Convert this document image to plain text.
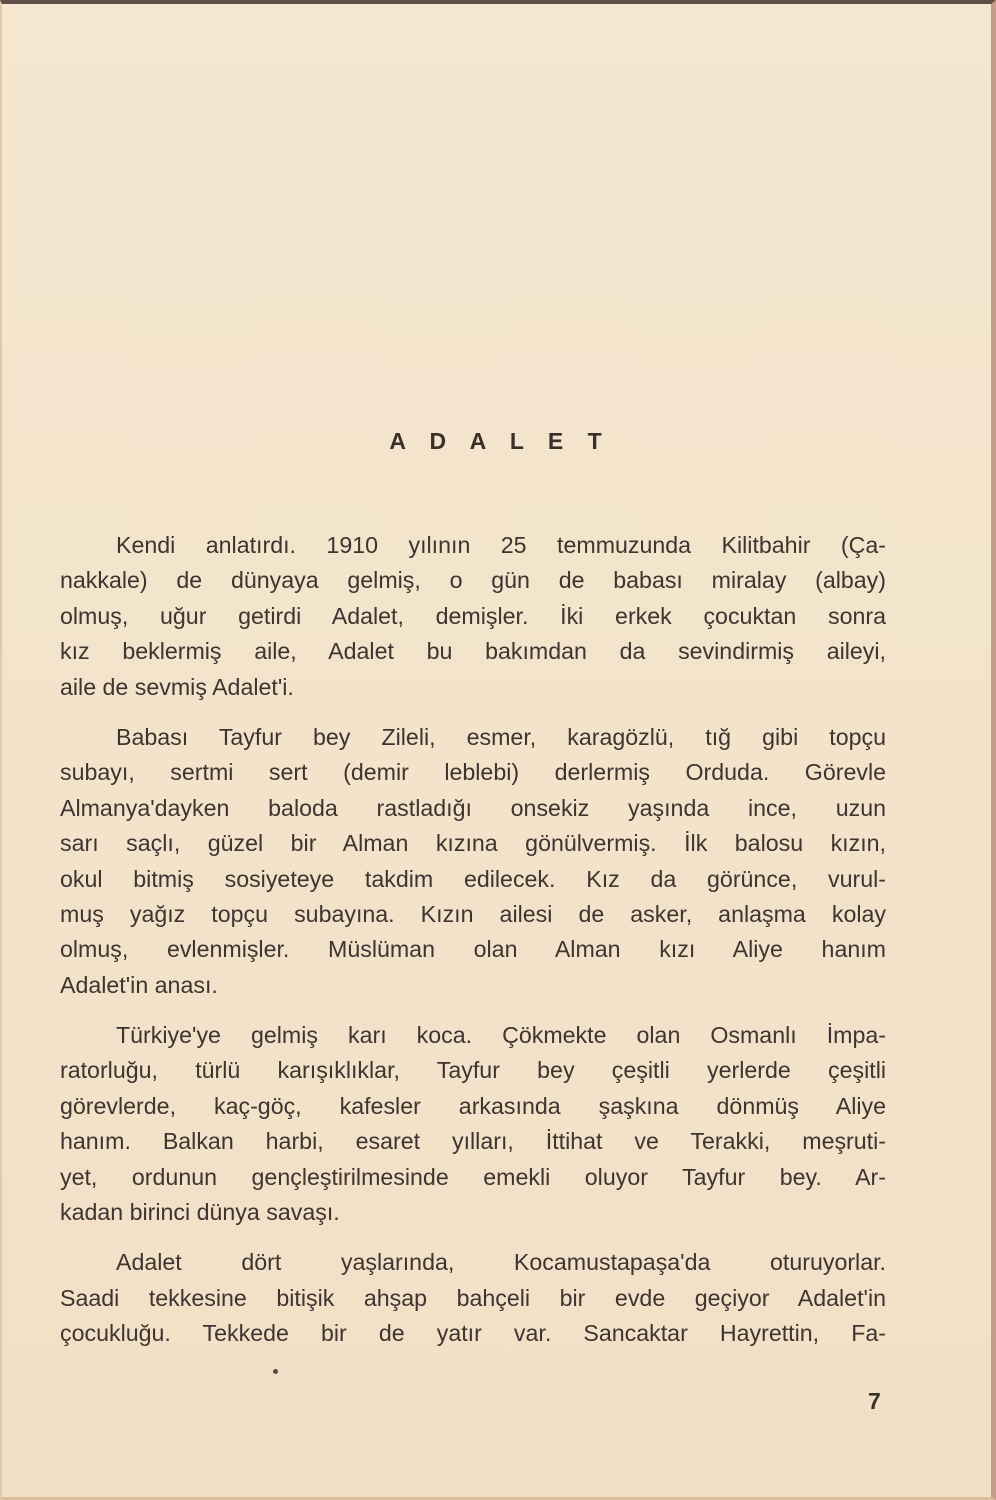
A D A L E T

Kendi anlatırdı. 1910 yılının 25 temmuzunda Kilitbahir (Ça-
nakkale) de dünyaya gelmiş, o gün de babası miralay (albay)
olmuş, uğur getirdi Adalet, demişler. İki erkek çocuktan sonra
kız beklermiş aile, Adalet bu bakımdan da sevindirmiş aileyi,
aile de sevmiş Adalet'i.

Babası Tayfur bey Zileli, esmer, karagözlü, tığ gibi topçu
subayı, sertmi sert (demir leblebi) derlermiş Orduda. Görevle
Almanya'dayken baloda rastladığı onsekiz yaşında ince, uzun
sarı saçlı, güzel bir Alman kızına gönülvermiş. İlk balosu kızın,
okul bitmiş sosiyeteye takdim edilecek. Kız da görünce, vurul-
muş yağız topçu subayına. Kızın ailesi de asker, anlaşma kolay
olmuş, evlenmişler. Müslüman olan Alman kızı Aliye hanım
Adalet'in anası.

Türkiye'ye gelmiş karı koca. Çökmekte olan Osmanlı İmpa-
ratorluğu, türlü karışıklıklar, Tayfur bey çeşitli yerlerde çeşitli
görevlerde, kaç-göç, kafesler arkasında şaşkına dönmüş Aliye
hanım. Balkan harbi, esaret yılları, İttihat ve Terakki, meşruti-
yet, ordunun gençleştirilmesinde emekli oluyor Tayfur bey. Ar-
kadan birinci dünya savaşı.

Adalet dört yaşlarında, Kocamustapaşa'da oturuyorlar.
Saadi tekkesine bitişik ahşap bahçeli bir evde geçiyor Adalet'in
çocukluğu. Tekkede bir de yatır var. Sancaktar Hayrettin, Fa-

7
